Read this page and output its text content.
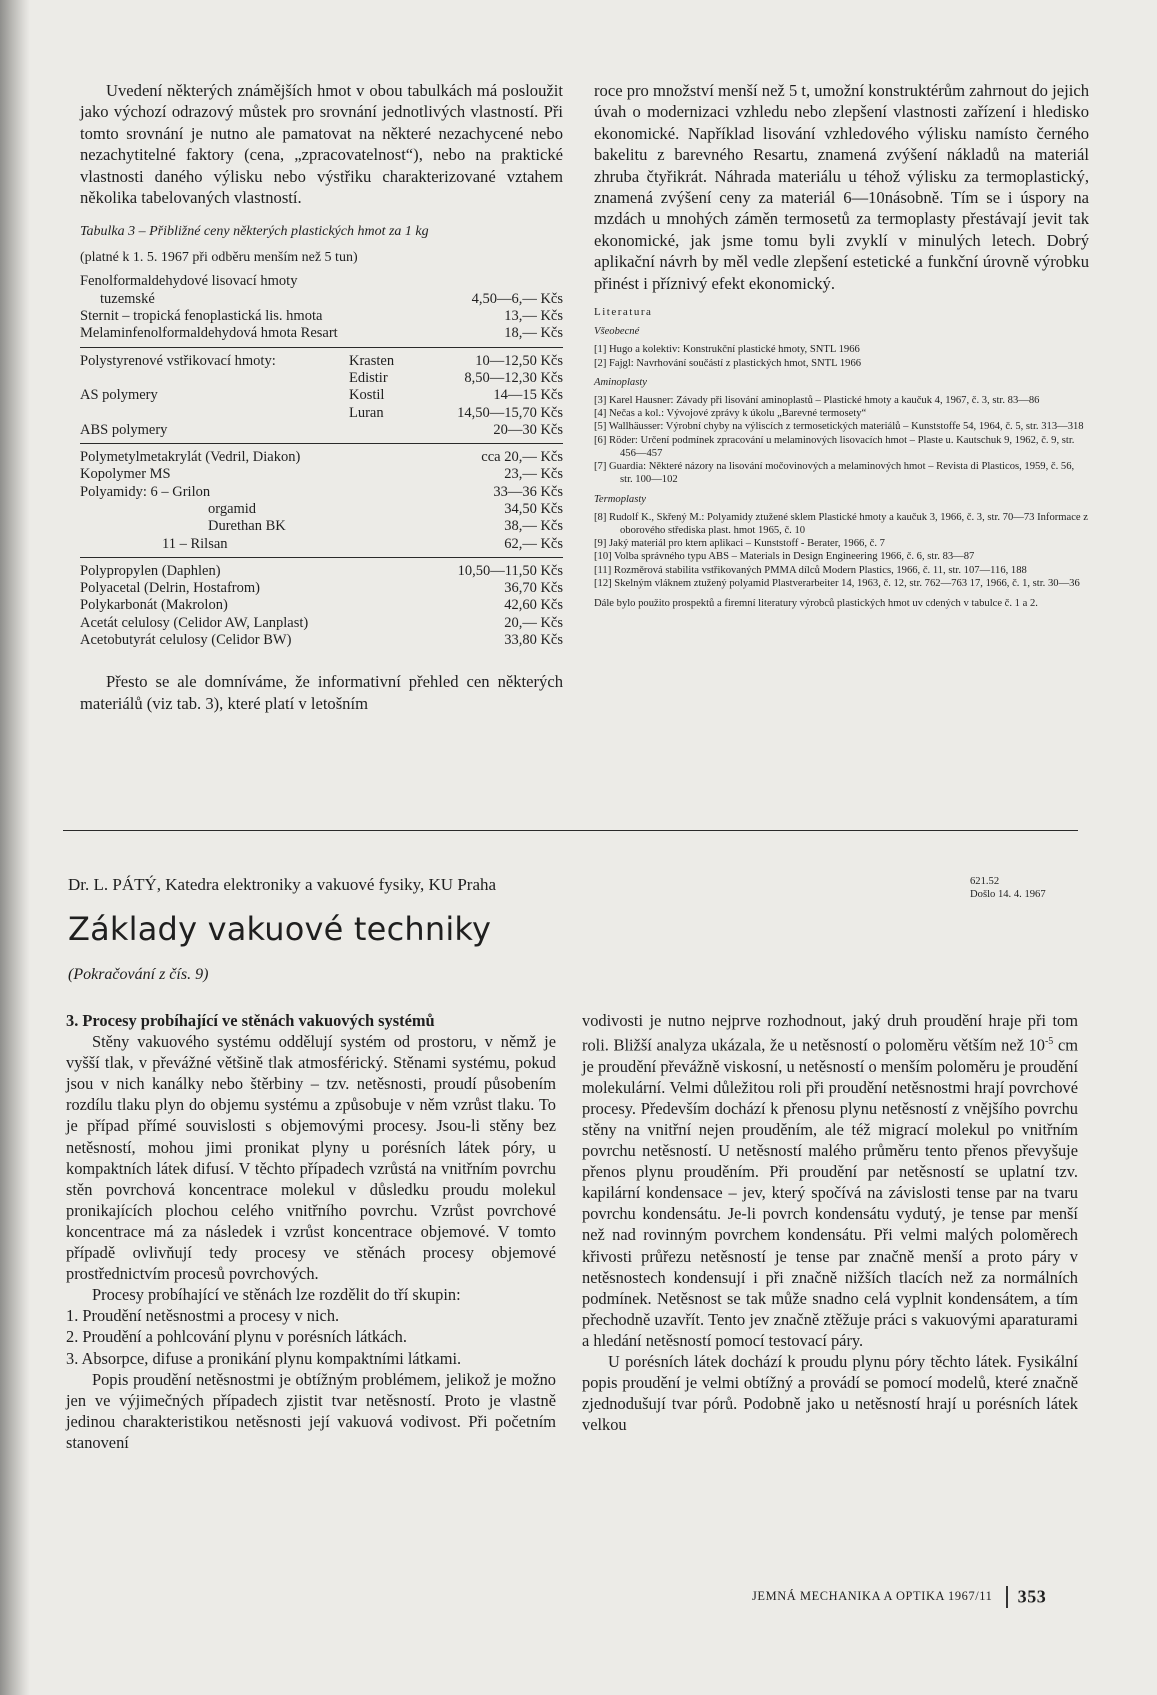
Uvedení některých známějších hmot v obou tabulkách má posloužit jako výchozí odrazový můstek pro srovnání jednotlivých vlastností. Při tomto srovnání je nutno ale pamatovat na některé nezachycené nebo nezachytitelné faktory (cena, „zpracovatelnost“), nebo na praktické vlastnosti daného výlisku nebo výstřiku charakterizované vztahem několika tabelovaných vlastností.

Tabulka 3 – Přibližné ceny některých plastických hmot za 1 kg
(platné k 1. 5. 1967 při odběru menším než 5 tun)
Fenolformaldehydové lisovací hmoty		
tuzemské		4,50—6,— Kčs
Sternit – tropická fenoplastická lis. hmota		13,— Kčs
Melaminfenolformaldehydová hmota Resart		18,— Kčs

Polystyrenové vstřikovací hmoty:	Krasten	10—12,50 Kčs
	Edistir	8,50—12,30 Kčs
AS polymery	Kostil	14—15 Kčs
	Luran	14,50—15,70 Kčs
ABS polymery		20—30 Kčs

Polymetylmetakrylát (Vedril, Diakon)		cca 20,— Kčs
Kopolymer MS		23,— Kčs
Polyamidy: 6 – Grilon		33—36 Kčs
orgamid		34,50 Kčs
Durethan BK		38,— Kčs
11 – Rilsan		62,— Kčs

Polypropylen (Daphlen)		10,50—11,50 Kčs
Polyacetal (Delrin, Hostafrom)		36,70 Kčs
Polykarbonát (Makrolon)		42,60 Kčs
Acetát celulosy (Celidor AW, Lanplast)		20,— Kčs
Acetobutyrát celulosy (Celidor BW)		33,80 Kčs

Přesto se ale domníváme, že informativní přehled cen některých materiálů (viz tab. 3), které platí v letošním

roce pro množství menší než 5 t, umožní konstruktérům zahrnout do jejich úvah o modernizaci vzhledu nebo zlepšení vlastnosti zařízení i hledisko ekonomické. Například lisování vzhledového výlisku namísto černého bakelitu z barevného Resartu, znamená zvýšení nákladů na materiál zhruba čtyřikrát. Náhrada materiálu u téhož výlisku za termoplastický, znamená zvýšení ceny za materiál 6—10násobně. Tím se i úspory na mzdách u mnohých záměn termosetů za termoplasty přestávají jevit tak ekonomické, jak jsme tomu byli zvyklí v minulých letech. Dobrý aplikační návrh by měl vedle zlepšení estetické a funkční úrovně výrobku přinést i příznivý efekt ekonomický.

Literatura
Všeobecné

[1] Hugo a kolektiv: Konstrukční plastické hmoty, SNTL 1966

[2] Fajgl: Navrhování součástí z plastických hmot, SNTL 1966

Aminoplasty

[3] Karel Hausner: Závady při lisování aminoplastů – Plastické hmoty a kaučuk 4, 1967, č. 3, str. 83—86

[4] Nečas a kol.: Vývojové zprávy k úkolu „Barevné termosety“

[5] Wallhäusser: Výrobní chyby na výliscích z termosetických materiálů – Kunststoffe 54, 1964, č. 5, str. 313—318

[6] Röder: Určení podmínek zpracování u melaminových lisovacích hmot – Plaste u. Kautschuk 9, 1962, č. 9, str. 456—457

[7] Guardia: Některé názory na lisování močovinových a melaminových hmot – Revista di Plasticos, 1959, č. 56, str. 100—102

Termoplasty

[8] Rudolf K., Skřený M.: Polyamidy ztužené sklem Plastické hmoty a kaučuk 3, 1966, č. 3, str. 70—73 Informace z oborového střediska plast. hmot 1965, č. 10

[9] Jaký materiál pro ktern aplikaci – Kunststoff - Berater, 1966, č. 7

[10] Volba správného typu ABS – Materials in Design Engineering 1966, č. 6, str. 83—87

[11] Rozměrová stabilita vstřikovaných PMMA dílců Modern Plastics, 1966, č. 11, str. 107—116, 188

[12] Skelným vláknem ztužený polyamid Plastverarbeiter 14, 1963, č. 12, str. 762—763 17, 1966, č. 1, str. 30—36

Dále bylo použito prospektů a firemní literatury výrobců plastických hmot uv cdených v tabulce č. 1 a 2.

Dr. L. PÁTÝ, Katedra elektroniky a vakuové fysiky, KU Praha	621.52
Došlo 14. 4. 1967
Základy vakuové techniky
(Pokračování z čís. 9)

3. Procesy probíhající ve stěnách vakuových systémů

Stěny vakuového systému oddělují systém od prostoru, v němž je vyšší tlak, v převážné většině tlak atmosférický. Stěnami systému, pokud jsou v nich kanálky nebo štěrbiny – tzv. netěsnosti, proudí působením rozdílu tlaku plyn do objemu systému a způsobuje v něm vzrůst tlaku. To je případ přímé souvislosti s objemovými procesy. Jsou-li stěny bez netěsností, mohou jimi pronikat plyny u porésních látek póry, u kompaktních látek difusí. V těchto případech vzrůstá na vnitřním povrchu stěn povrchová koncentrace molekul v důsledku proudu molekul pronikajících plochou celého vnitřního povrchu. Vzrůst povrchové koncentrace má za následek i vzrůst koncentrace objemové. V tomto případě ovlivňují tedy procesy ve stěnách procesy objemové prostřednictvím procesů povrchových.

Procesy probíhající ve stěnách lze rozdělit do tří skupin:

1. Proudění netěsnostmi a procesy v nich.

2. Proudění a pohlcování plynu v porésních látkách.

3. Absorpce, difuse a pronikání plynu kompaktními látkami.

Popis proudění netěsnostmi je obtížným problémem, jelikož je možno jen ve výjimečných případech zjistit tvar netěsností. Proto je vlastně jedinou charakteristikou netěsnosti její vakuová vodivost. Při početním stanovení

vodivosti je nutno nejprve rozhodnout, jaký druh proudění hraje při tom roli. Bližší analyza ukázala, že u netěsností o poloměru větším než $10^{-5}$ cm je proudění převážně viskosní, u netěsností o menším poloměru je proudění molekulární. Velmi důležitou roli při proudění netěsnostmi hrají povrchové procesy. Především dochází k přenosu plynu netěsností z vnějšího povrchu stěny na vnitřní nejen prouděním, ale též migrací molekul po vnitřním povrchu netěsností. U netěsností malého průměru tento přenos převyšuje přenos plynu prouděním. Při proudění par netěsností se uplatní tzv. kapilární kondensace – jev, který spočívá na závislosti tense par na tvaru povrchu kondensátu. Je-li povrch kondensátu vydutý, je tense par menší než nad rovinným povrchem kondensátu. Při velmi malých poloměrech křivosti průřezu netěsností je tense par značně menší a proto páry v netěsnostech kondensují i při značně nižších tlacích než za normálních podmínek. Netěsnost se tak může snadno celá vyplnit kondensátem, a tím přechodně uzavřít. Tento jev značně ztěžuje práci s vakuovými aparaturami a hledání netěsností pomocí testovací páry.

U porésních látek dochází k proudu plynu póry těchto látek. Fysikální popis proudění je velmi obtížný a provádí se pomocí modelů, které značně zjednodušují tvar pórů. Podobně jako u netěsností hrají u porésních látek velkou

JEMNÁ MECHANIKA A OPTIKA 1967/11 353
